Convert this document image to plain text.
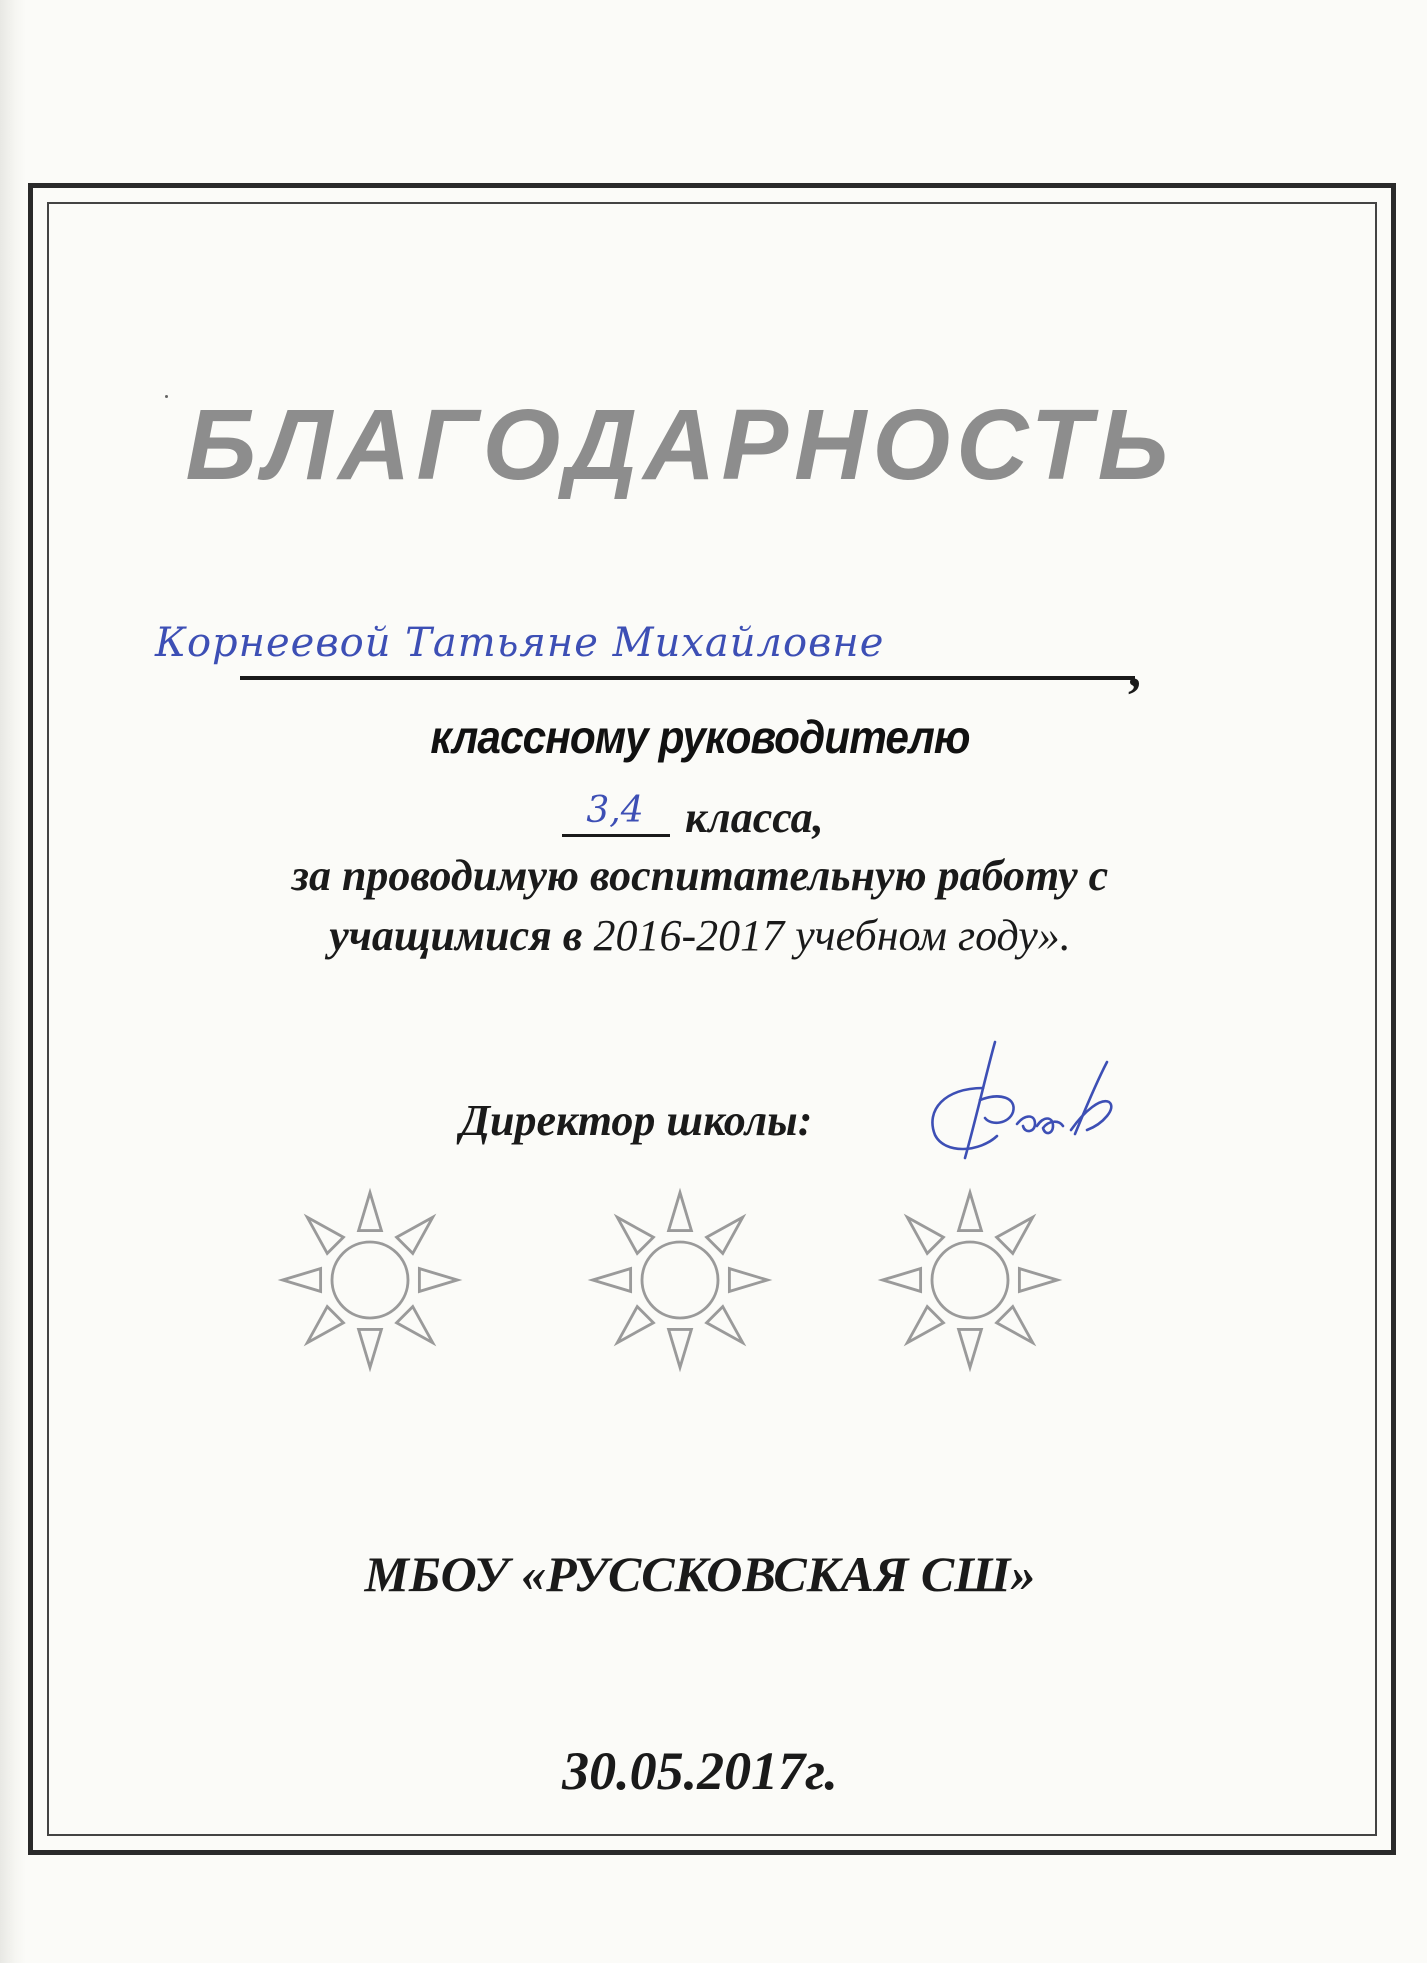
БЛАГОДАРНОСТЬ
Корнеевой Татьяне Михайловне	,
классному руководителю
3,4 класса,
за проводимую воспитательную работу с
учащимися в 2016-2017 учебном году».
Директор школы:
МБОУ «РУССКОВСКАЯ СШ»
30.05.2017г.
